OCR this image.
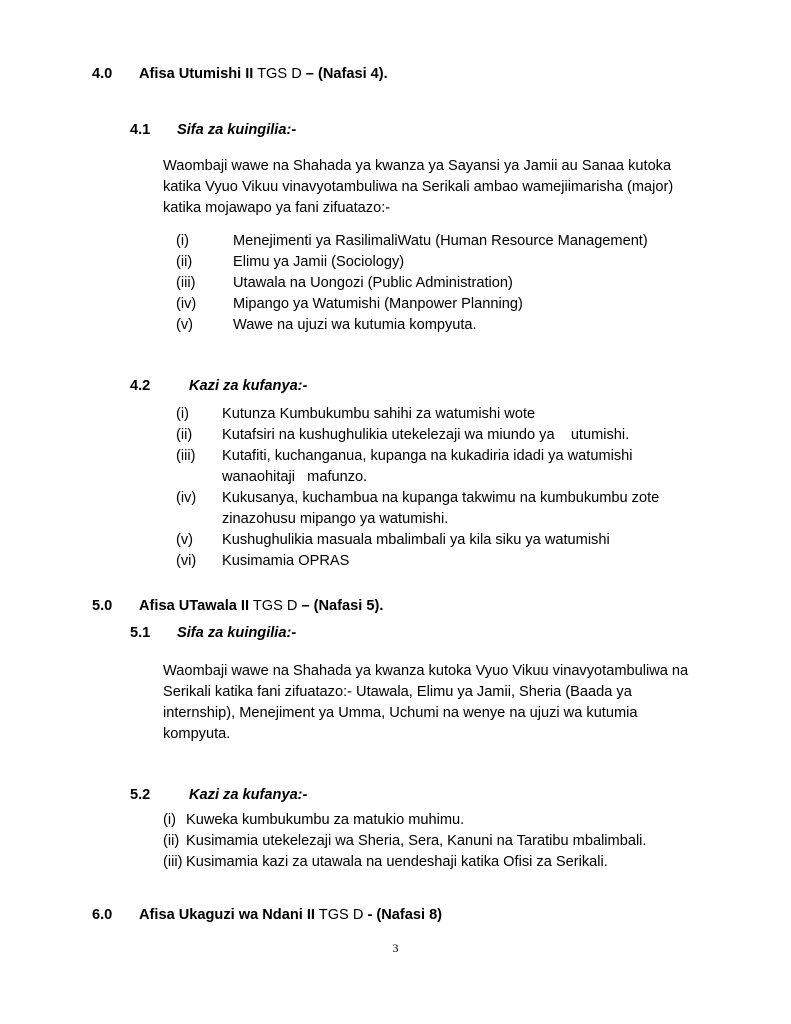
4.0 Afisa Utumishi II TGS D – (Nafasi 4).
4.1 Sifa za kuingilia:-
Waombaji wawe na Shahada ya kwanza ya Sayansi ya Jamii au Sanaa kutoka
katika Vyuo Vikuu vinavyotambuliwa na Serikali ambao wamejiimarisha (major)
katika mojawapo ya fani zifuatazo:-
(i)	Menejimenti ya RasilimaliWatu (Human Resource Management)
(ii)	Elimu ya Jamii (Sociology)
(iii)	Utawala na Uongozi (Public Administration)
(iv)	Mipango ya Watumishi (Manpower Planning)
(v)	Wawe na ujuzi wa kutumia kompyuta.
4.2	Kazi za kufanya:-
(i) Kutunza Kumbukumbu sahihi za watumishi wote
(ii) Kutafsiri na kushughulikia utekelezaji wa miundo ya    utumishi.
(iii) Kutafiti, kuchanganua, kupanga na kukadiria idadi ya watumishi
wanaohitaji   mafunzo.
(iv) Kukusanya, kuchambua na kupanga takwimu na kumbukumbu zote
zinazohusu mipango ya watumishi.
(v) Kushughulikia masuala mbalimbali ya kila siku ya watumishi
(vi) Kusimamia OPRAS
5.0 Afisa UTawala II TGS D – (Nafasi 5).
5.1 Sifa za kuingilia:-
Waombaji wawe na Shahada ya kwanza kutoka Vyuo Vikuu vinavyotambuliwa na
Serikali katika fani zifuatazo:- Utawala, Elimu ya Jamii, Sheria (Baada ya
internship), Menejiment ya Umma, Uchumi na wenye na ujuzi wa kutumia
kompyuta.
5.2	Kazi za kufanya:-
(i) Kuweka kumbukumbu za matukio muhimu.
(ii) Kusimamia utekelezaji wa Sheria, Sera, Kanuni na Taratibu mbalimbali.
(iii) Kusimamia kazi za utawala na uendeshaji katika Ofisi za Serikali.
6.0 Afisa Ukaguzi wa Ndani II TGS D - (Nafasi 8)
3
